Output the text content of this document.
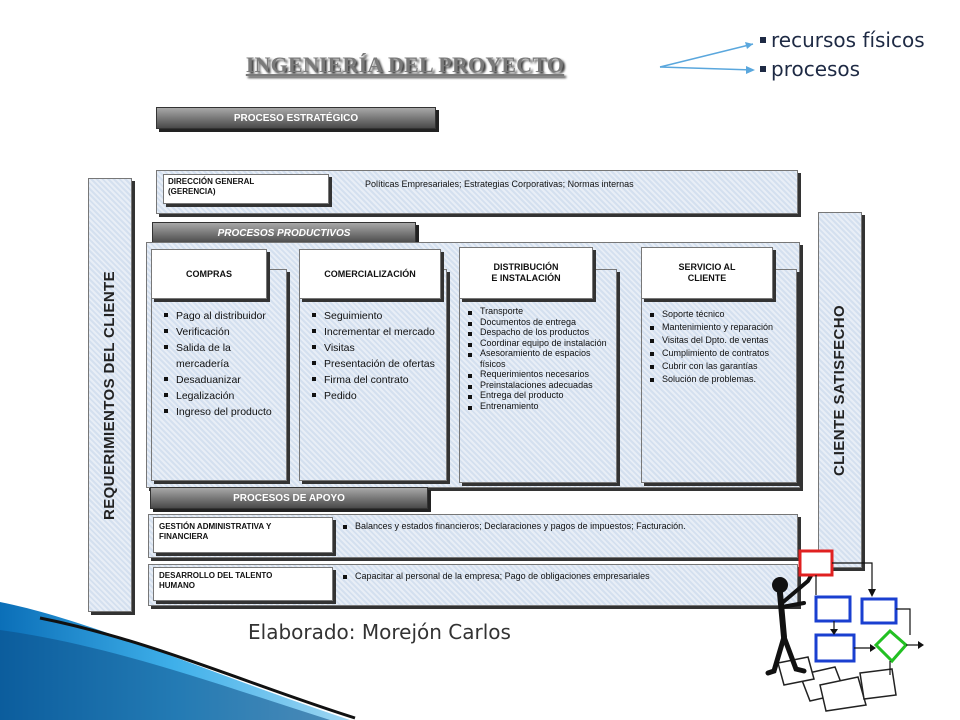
INGENIERÍA DEL PROYECTO
recursos físicos
procesos
REQUERIMIENTOS DEL CLIENTE	CLIENTE SATISFECHO
PROCESO ESTRATÉGICO
DIRECCIÓN GENERAL
(GERENCIA)
Políticas Empresariales; Estrategias Corporativas; Normas internas
PROCESOS PRODUCTIVOS
Pago al distribuidor
Verificación
Salida de la mercadería
Desaduanizar
Legalización
Ingreso del producto
COMPRAS
Seguimiento
Incrementar el mercado
Visitas
Presentación de ofertas
Firma del contrato
Pedido
COMERCIALIZACIÓN
Transporte
Documentos de entrega
Despacho de los productos
Coordinar equipo de instalación
Asesoramiento de espacios físicos
Requerimientos necesarios
Preinstalaciones adecuadas
Entrega del producto
Entrenamiento
DISTRIBUCIÓN
E INSTALACIÓN
Soporte técnico
Mantenimiento y reparación
Visitas del Dpto. de ventas
Cumplimiento de contratos
Cubrir con las garantías
Solución de problemas.
SERVICIO AL
CLIENTE
PROCESOS DE APOYO
GESTIÓN ADMINISTRATIVA Y
FINANCIERA
Balances y estados financieros; Declaraciones y pagos de impuestos; Facturación.
DESARROLLO DEL TALENTO
HUMANO
Capacitar al personal de la empresa; Pago de obligaciones empresariales
Elaborado: Morejón Carlos
